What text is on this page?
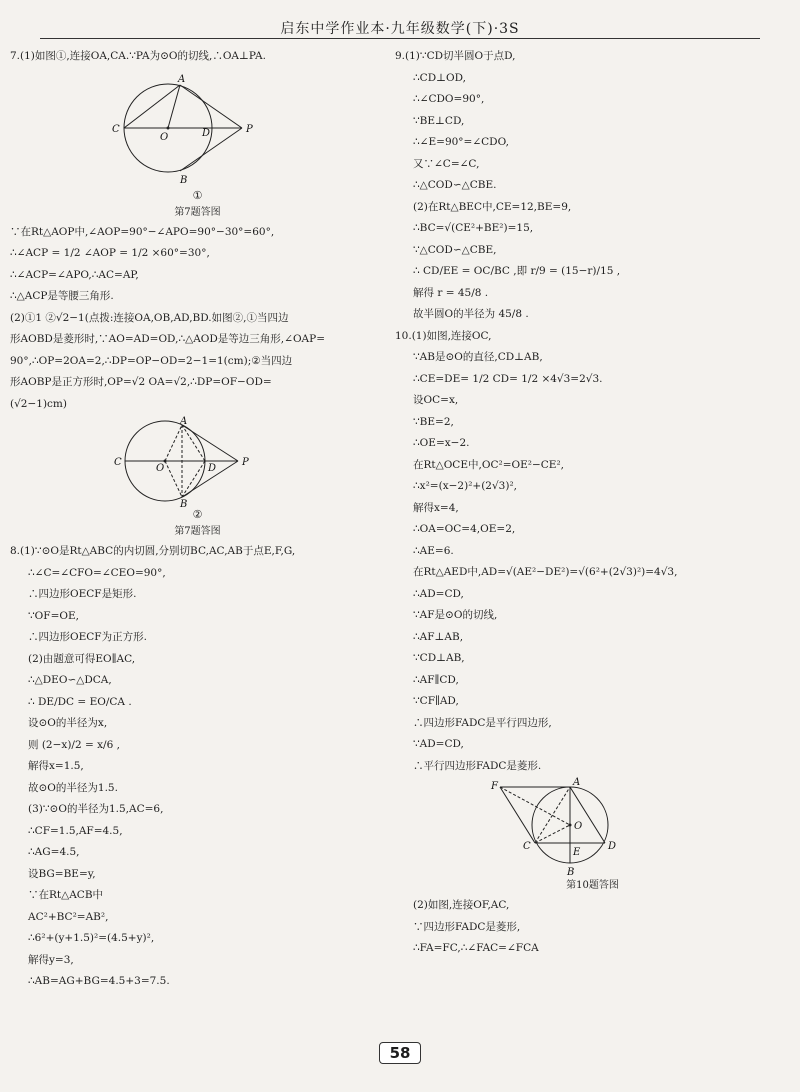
启东中学作业本·九年级数学(下)·3S
7.(1)如图①,连接OA,CA.∵PA为⊙O的切线,∴OA⊥PA.
A
B
C
O	D	P
①
第7题答图
∵在Rt△AOP中,∠AOP=90°−∠APO=90°−30°=60°,
∴∠ACP = 1/2 ∠AOP = 1/2 ×60°=30°,
∴∠ACP=∠APO,∴AC=AP,
∴△ACP是等腰三角形.
(2)①1 ②√2−1(点拨:连接OA,OB,AD,BD.如图②,①当四边
形AOBD是菱形时,∵AO=AD=OD,∴△AOD是等边三角形,∠OAP=
90°,∴OP=2OA=2,∴DP=OP−OD=2−1=1(cm);②当四边
形AOBP是正方形时,OP=√2 OA=√2,∴DP=OF−OD=
(√2−1)cm)
A
B
C
O	D
P
②
第7题答图
8.(1)∵⊙O是Rt△ABC的内切圆,分别切BC,AC,AB于点E,F,G,
∴∠C=∠CFO=∠CEO=90°,
∴四边形OECF是矩形.
∵OF=OE,
∴四边形OECF为正方形.
(2)由题意可得EO∥AC,
∴△DEO∽△DCA,
∴ DE/DC = EO/CA .
设⊙O的半径为x,
则 (2−x)/2 = x/6 ,
解得x=1.5,
故⊙O的半径为1.5.
(3)∵⊙O的半径为1.5,AC=6,
∴CF=1.5,AF=4.5,
∴AG=4.5,
设BG=BE=y,
∵在Rt△ACB中
AC²+BC²=AB²,
∴6²+(y+1.5)²=(4.5+y)²,
解得y=3,
∴AB=AG+BG=4.5+3=7.5.
9.(1)∵CD切半圆O于点D,
∴CD⊥OD,
∴∠CDO=90°,
∵BE⊥CD,
∴∠E=90°=∠CDO,
又∵∠C=∠C,
∴△COD∽△CBE.
(2)在Rt△BEC中,CE=12,BE=9,
∴BC=√(CE²+BE²)=15,
∵△COD∽△CBE,
∴ CD/EE = OC/BC ,即 r/9 = (15−r)/15 ,
解得 r = 45/8 .
故半圆O的半径为 45/8 .
10.(1)如图,连接OC,
∵AB是⊙O的直径,CD⊥AB,
∴CE=DE= 1/2 CD= 1/2 ×4√3=2√3.
设OC=x,
∵BE=2,
∴OE=x−2.
在Rt△OCE中,OC²=OE²−CE²,
∴x²=(x−2)²+(2√3)²,
解得x=4,
∴OA=OC=4,OE=2,
∴AE=6.
在Rt△AED中,AD=√(AE²−DE²)=√(6²+(2√3)²)=4√3,
∴AD=CD,
∵AF是⊙O的切线,
∴AF⊥AB,
∵CD⊥AB,
∴AF∥CD,
∵CF∥AD,
∴四边形FADC是平行四边形,
∵AD=CD,
∴平行四边形FADC是菱形.
F	A
O
C
E
D
B
第10题答图
(2)如图,连接OF,AC,
∵四边形FADC是菱形,
∴FA=FC,∴∠FAC=∠FCA
58
